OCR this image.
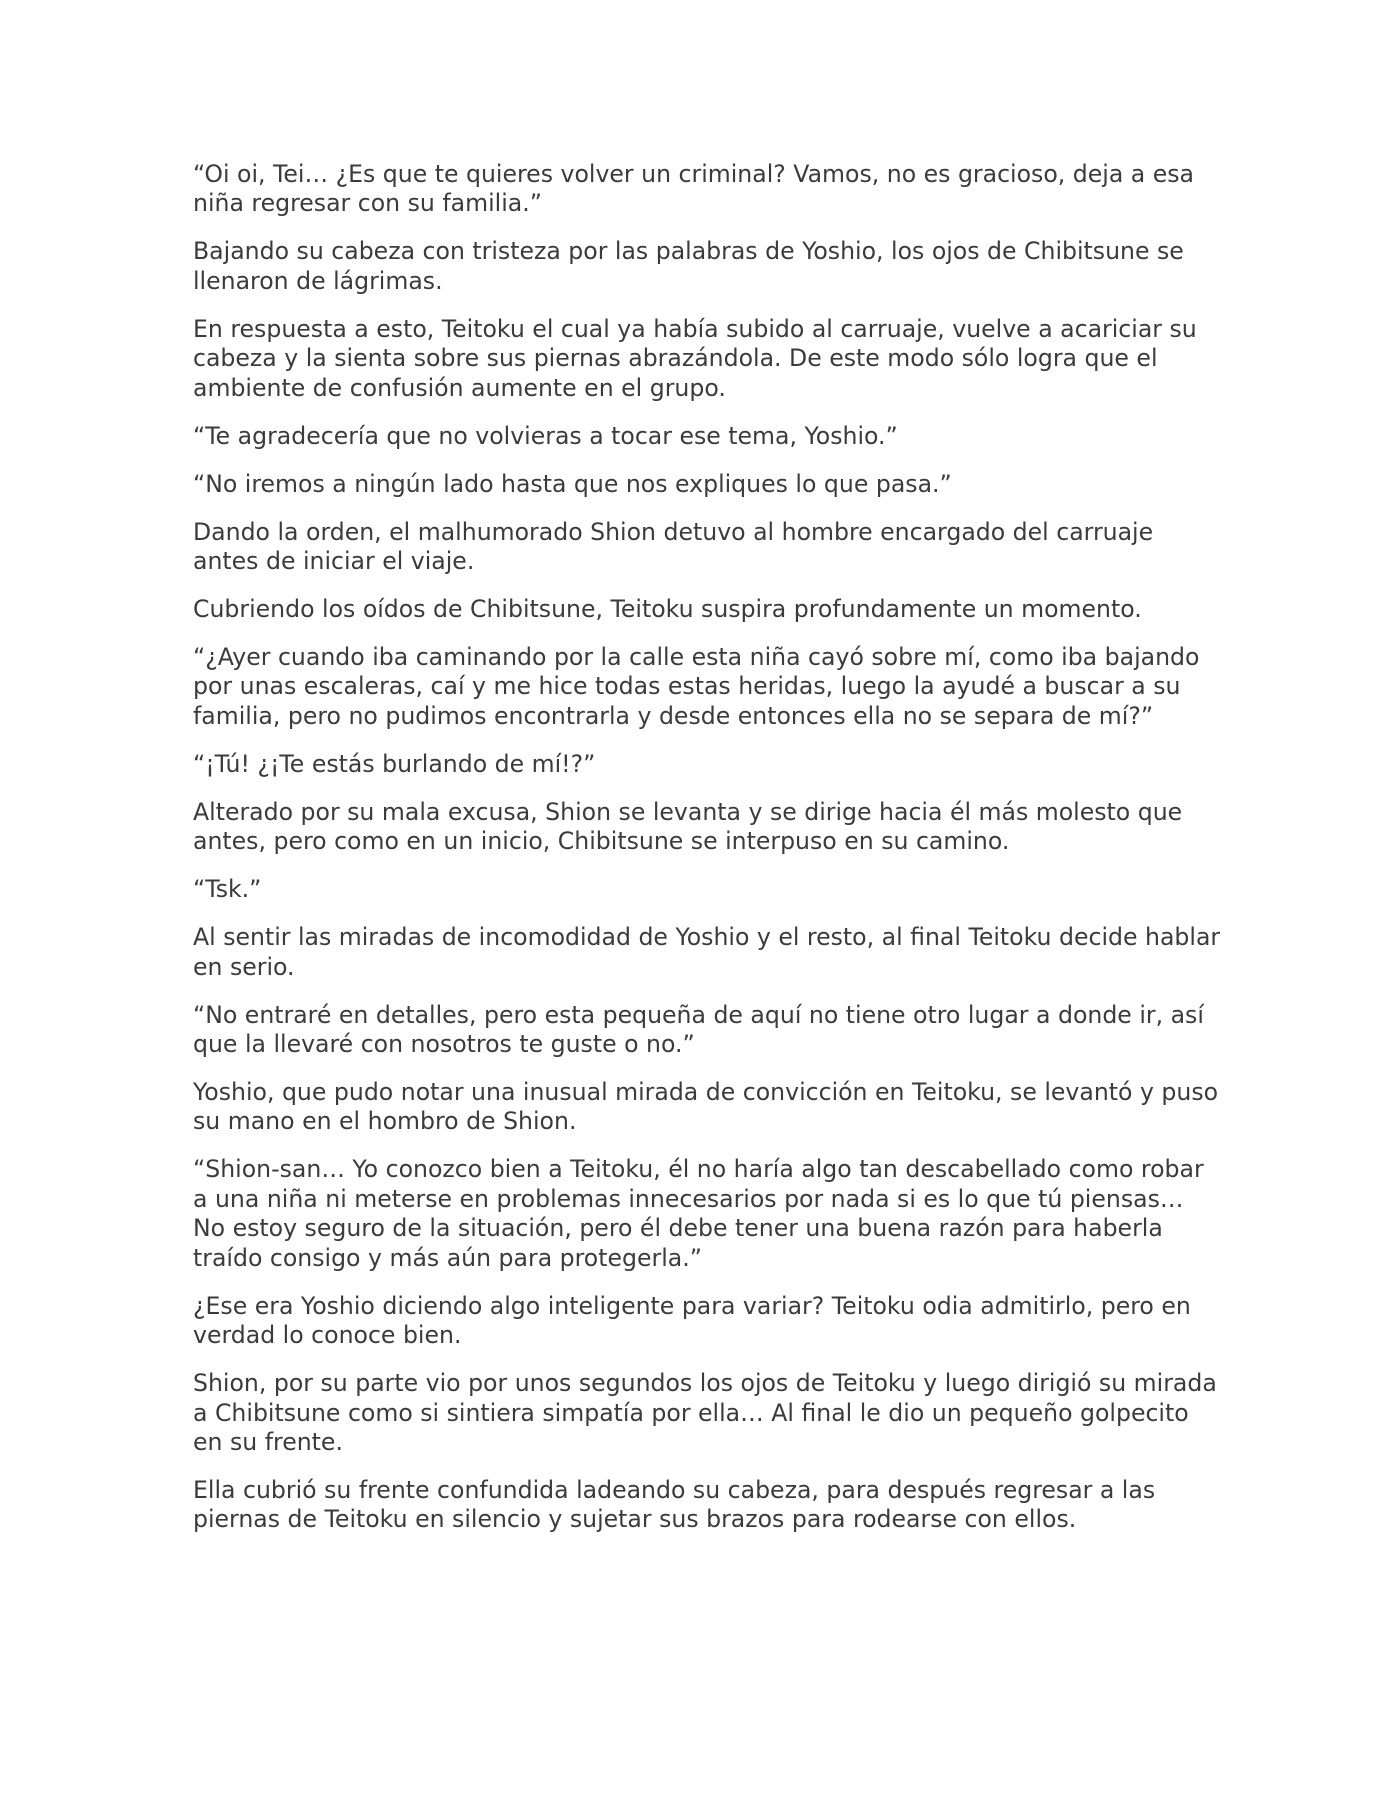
“Oi oi, Tei… ¿Es que te quieres volver un criminal? Vamos, no es gracioso, deja a esa niña regresar con su familia.”

Bajando su cabeza con tristeza por las palabras de Yoshio, los ojos de Chibitsune se llenaron de lágrimas.

En respuesta a esto, Teitoku el cual ya había subido al carruaje, vuelve a acariciar su cabeza y la sienta sobre sus piernas abrazándola. De este modo sólo logra que el ambiente de confusión aumente en el grupo.

“Te agradecería que no volvieras a tocar ese tema, Yoshio.”

“No iremos a ningún lado hasta que nos expliques lo que pasa.”

Dando la orden, el malhumorado Shion detuvo al hombre encargado del carruaje antes de iniciar el viaje.

Cubriendo los oídos de Chibitsune, Teitoku suspira profundamente un momento.

“¿Ayer cuando iba caminando por la calle esta niña cayó sobre mí, como iba bajando por unas escaleras, caí y me hice todas estas heridas, luego la ayudé a buscar a su familia, pero no pudimos encontrarla y desde entonces ella no se separa de mí?”

“¡Tú! ¿¡Te estás burlando de mí!?”

Alterado por su mala excusa, Shion se levanta y se dirige hacia él más molesto que antes, pero como en un inicio, Chibitsune se interpuso en su camino.

“Tsk.”

Al sentir las miradas de incomodidad de Yoshio y el resto, al final Teitoku decide hablar en serio.

“No entraré en detalles, pero esta pequeña de aquí no tiene otro lugar a donde ir, así que la llevaré con nosotros te guste o no.”

Yoshio, que pudo notar una inusual mirada de convicción en Teitoku, se levantó y puso su mano en el hombro de Shion.

“Shion-san… Yo conozco bien a Teitoku, él no haría algo tan descabellado como robar a una niña ni meterse en problemas innecesarios por nada si es lo que tú piensas… No estoy seguro de la situación, pero él debe tener una buena razón para haberla traído consigo y más aún para protegerla.”

¿Ese era Yoshio diciendo algo inteligente para variar? Teitoku odia admitirlo, pero en verdad lo conoce bien.

Shion, por su parte vio por unos segundos los ojos de Teitoku y luego dirigió su mirada a Chibitsune como si sintiera simpatía por ella… Al final le dio un pequeño golpecito en su frente.

Ella cubrió su frente confundida ladeando su cabeza, para después regresar a las piernas de Teitoku en silencio y sujetar sus brazos para rodearse con ellos.
